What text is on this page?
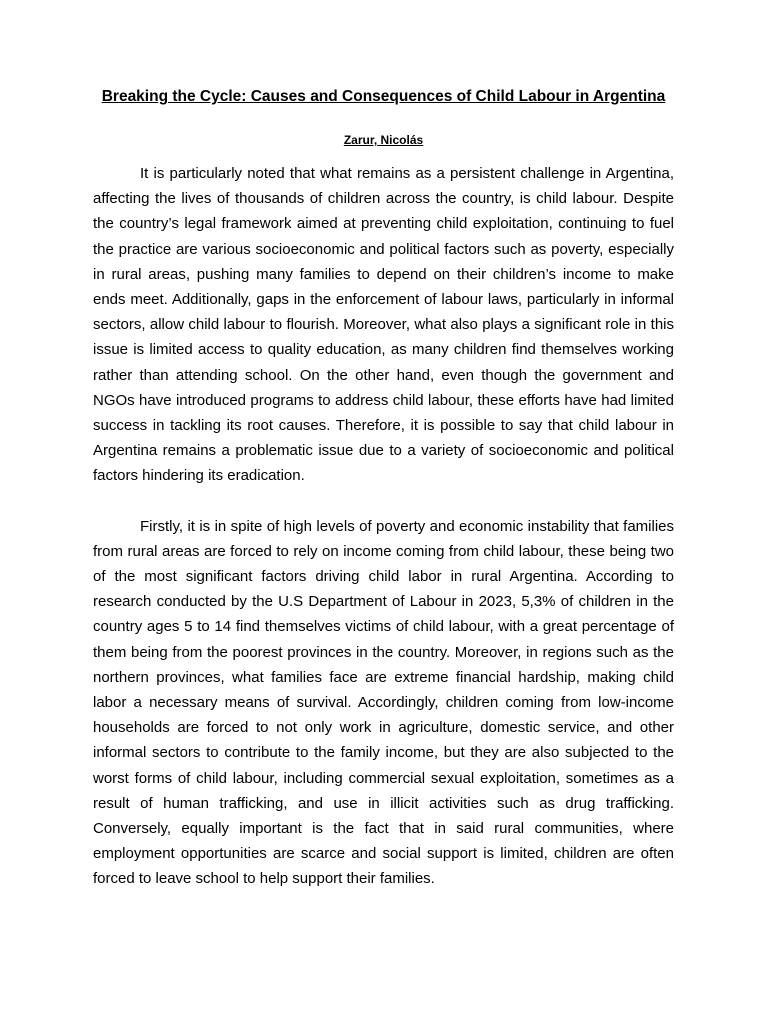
Breaking the Cycle: Causes and Consequences of Child Labour in Argentina
Zarur, Nicolás

It is particularly noted that what remains as a persistent challenge in Argentina, affecting the lives of thousands of children across the country, is child labour. Despite the country’s legal framework aimed at preventing child exploitation, continuing to fuel the practice are various socioeconomic and political factors such as poverty, especially in rural areas, pushing many families to depend on their children’s income to make ends meet. Additionally, gaps in the enforcement of labour laws, particularly in informal sectors, allow child labour to flourish. Moreover, what also plays a significant role in this issue is limited access to quality education, as many children find themselves working rather than attending school. On the other hand, even though the government and NGOs have introduced programs to address child labour, these efforts have had limited success in tackling its root causes. Therefore, it is possible to say that child labour in Argentina remains a problematic issue due to a variety of socioeconomic and political factors hindering its eradication.

Firstly, it is in spite of high levels of poverty and economic instability that families from rural areas are forced to rely on income coming from child labour, these being two of the most significant factors driving child labor in rural Argentina. According to research conducted by the U.S Department of Labour in 2023, 5,3% of children in the country ages 5 to 14 find themselves victims of child labour, with a great percentage of them being from the poorest provinces in the country. Moreover, in regions such as the northern provinces, what families face are extreme financial hardship, making child labor a necessary means of survival. Accordingly, children coming from low-income households are forced to not only work in agriculture, domestic service, and other informal sectors to contribute to the family income, but they are also subjected to the worst forms of child labour, including commercial sexual exploitation, sometimes as a result of human trafficking, and use in illicit activities such as drug trafficking. Conversely, equally important is the fact that in said rural communities, where employment opportunities are scarce and social support is limited, children are often forced to leave school to help support their families.
